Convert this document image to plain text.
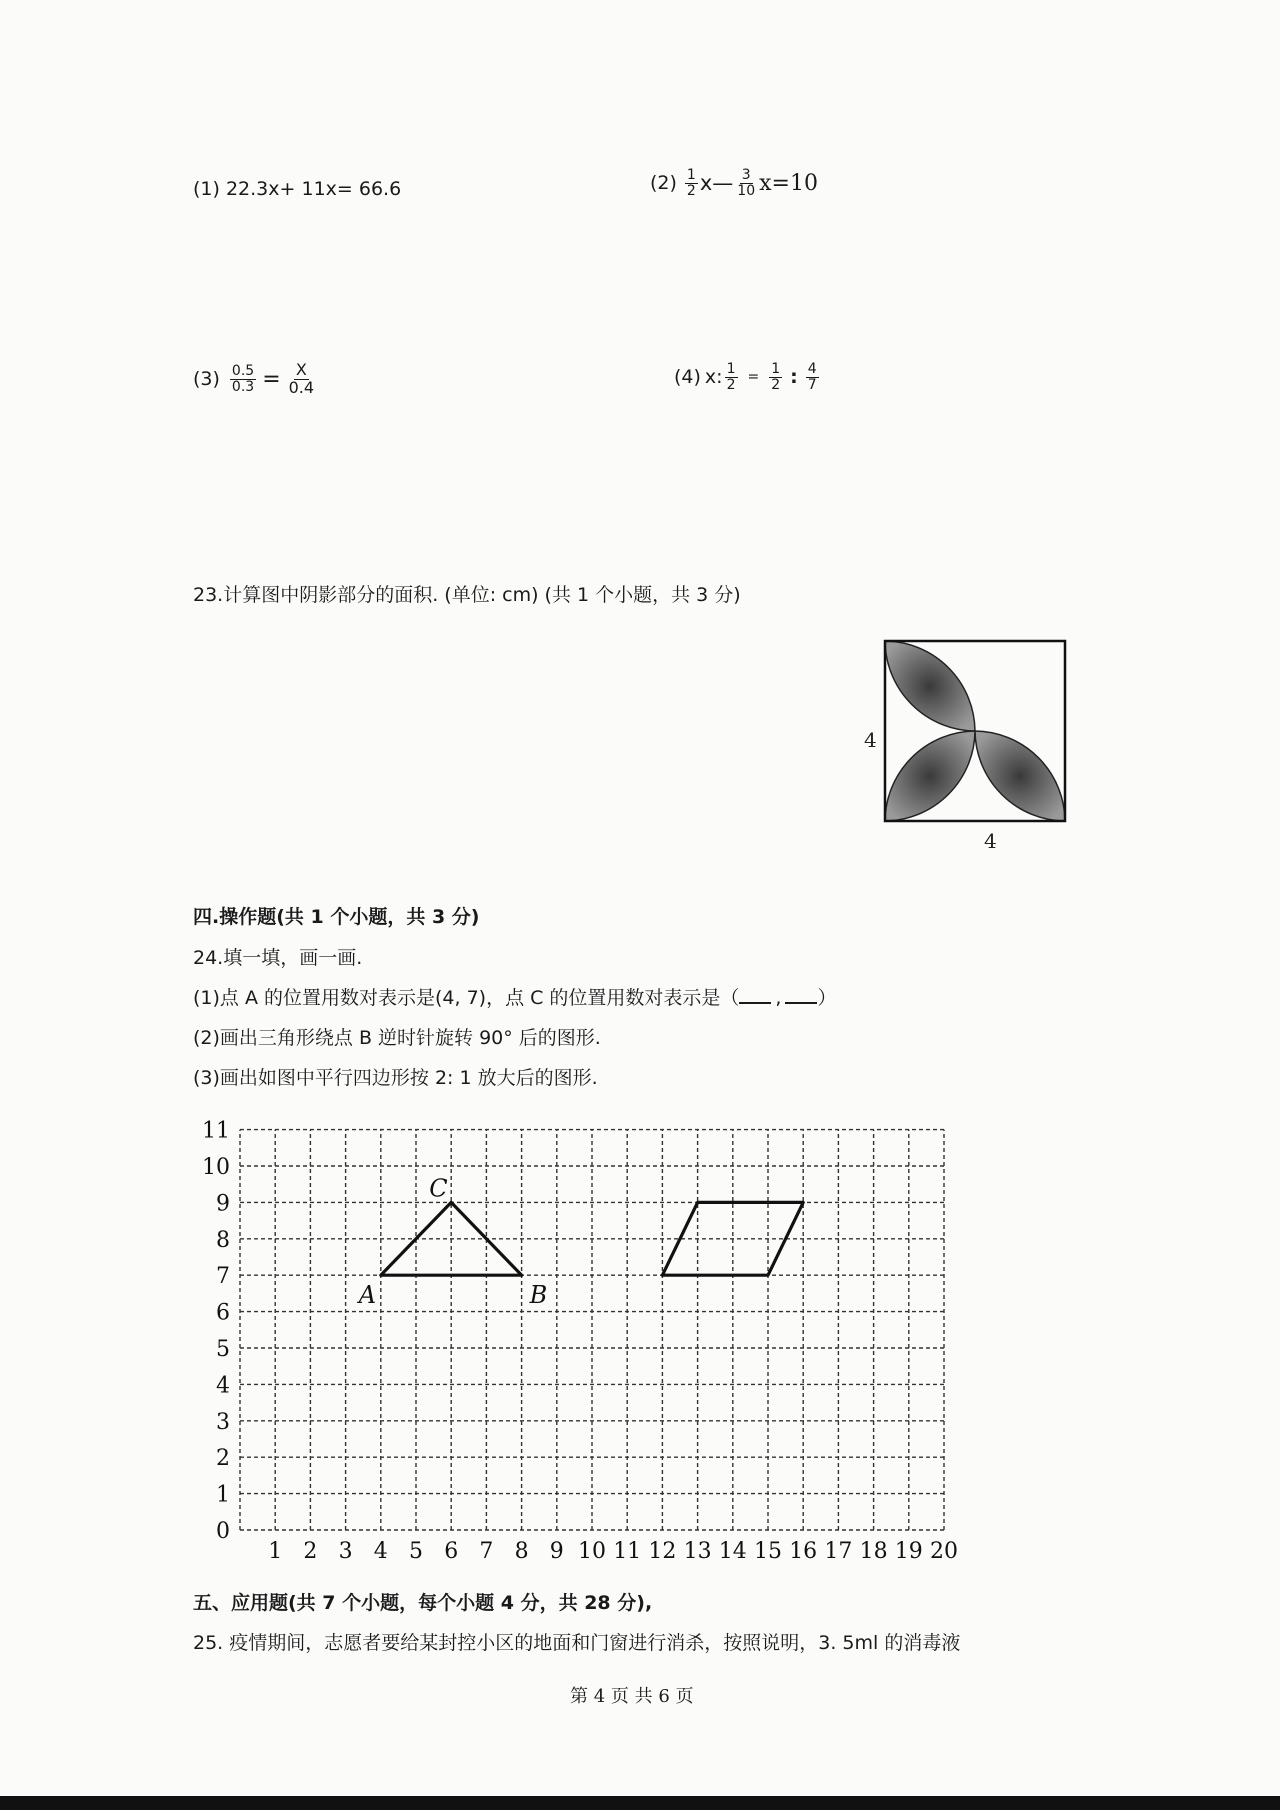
(1) 22.3x+ 11x= 66.6	$(2) \frac{1}{2}$ x — $\frac{3}{10} x=10$
$(3) \frac{0.5}{0.3} = \frac{X}{0.4}$	(4) x: $\frac{1}{2} = \frac{1}{2}$ : $\frac{4}{7}$
23.计算图中阴影部分的面积. (单位: cm) (共 1 个小题，共 3 分)
4
4
四.操作题(共 1 个小题，共 3 分)
24.填一填，画一画.
(1)点 A 的位置用数对表示是(4, 7)，点 C 的位置用数对表示是（ , ）
(2)画出三角形绕点 B 逆时针旋转 90° 后的图形.
(3)画出如图中平行四边形按 2: 1 放大后的图形.
1 2 3 4 5 6 7 8 9 10 11 12 13 14 15 16 17 18 19 20
0
1
2
3
4
5
6
7
8
9
10
11
A	B
C
五、应用题(共 7 个小题，每个小题 4 分，共 28 分),
25. 疫情期间，志愿者要给某封控小区的地面和门窗进行消杀，按照说明，3. 5ml 的消毒液
第 4 页 共 6 页
